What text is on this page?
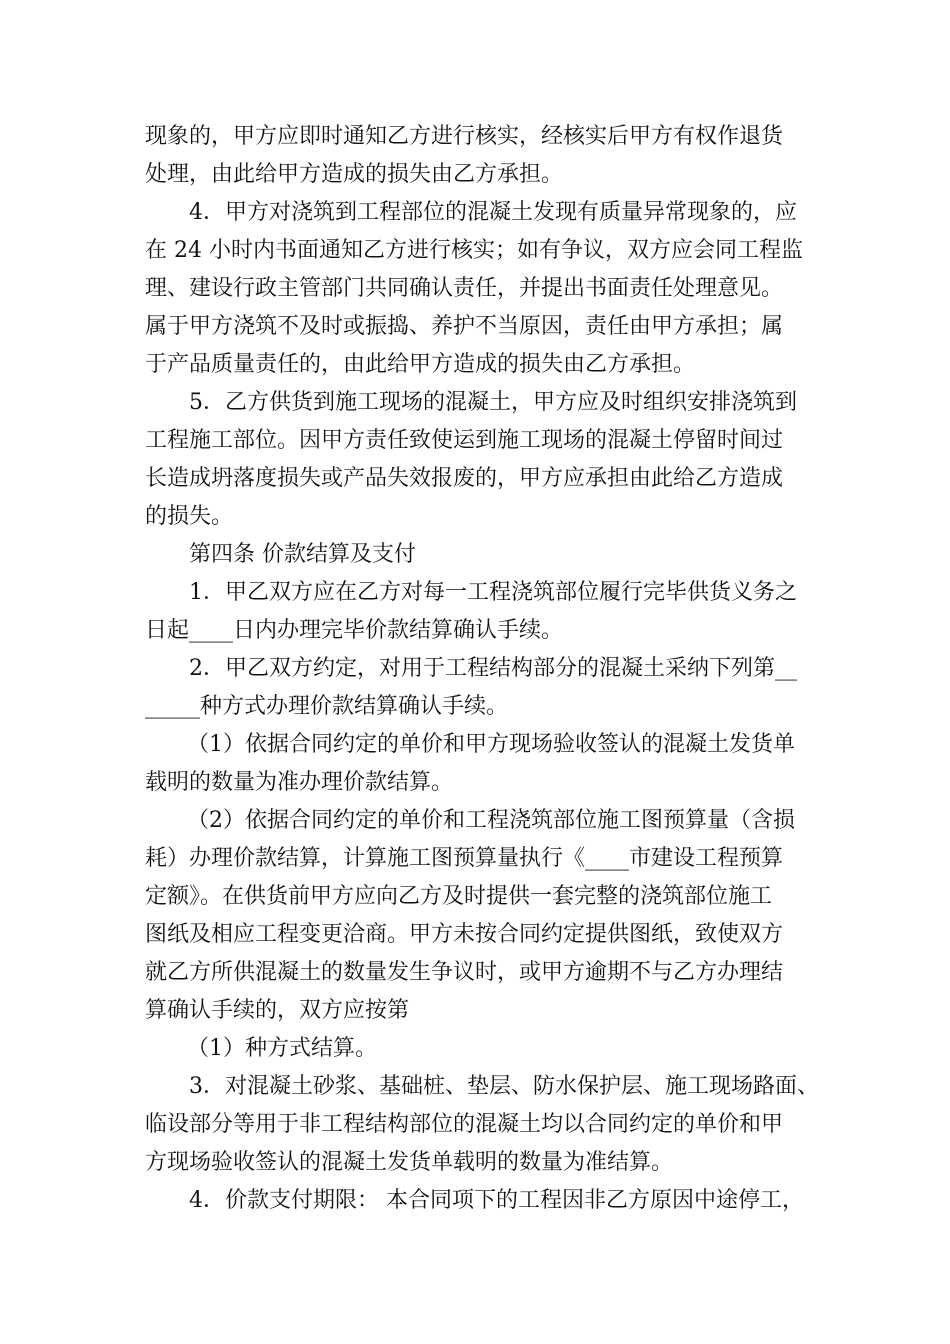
现象的，甲方应即时通知乙方进行核实，经核实后甲方有权作退货
处理，由此给甲方造成的损失由乙方承担。
4．甲方对浇筑到工程部位的混凝土发现有质量异常现象的，应
在 24 小时内书面通知乙方进行核实；如有争议，双方应会同工程监
理、建设行政主管部门共同确认责任，并提出书面责任处理意见。
属于甲方浇筑不及时或振捣、养护不当原因，责任由甲方承担；属
于产品质量责任的，由此给甲方造成的损失由乙方承担。
5．乙方供货到施工现场的混凝土，甲方应及时组织安排浇筑到
工程施工部位。因甲方责任致使运到施工现场的混凝土停留时间过
长造成坍落度损失或产品失效报废的，甲方应承担由此给乙方造成
的损失。
第四条 价款结算及支付
1．甲乙双方应在乙方对每一工程浇筑部位履行完毕供货义务之
日起____日内办理完毕价款结算确认手续。
2．甲乙双方约定，对用于工程结构部分的混凝土采纳下列第__
_____种方式办理价款结算确认手续。
（1）依据合同约定的单价和甲方现场验收签认的混凝土发货单
载明的数量为准办理价款结算。
（2）依据合同约定的单价和工程浇筑部位施工图预算量（含损
耗）办理价款结算，计算施工图预算量执行《____市建设工程预算
定额》。在供货前甲方应向乙方及时提供一套完整的浇筑部位施工
图纸及相应工程变更洽商。甲方未按合同约定提供图纸，致使双方
就乙方所供混凝土的数量发生争议时，或甲方逾期不与乙方办理结
算确认手续的，双方应按第
（1）种方式结算。
3．对混凝土砂浆、基础桩、垫层、防水保护层、施工现场路面、
临设部分等用于非工程结构部位的混凝土均以合同约定的单价和甲
方现场验收签认的混凝土发货单载明的数量为准结算。
4．价款支付期限： 本合同项下的工程因非乙方原因中途停工，
